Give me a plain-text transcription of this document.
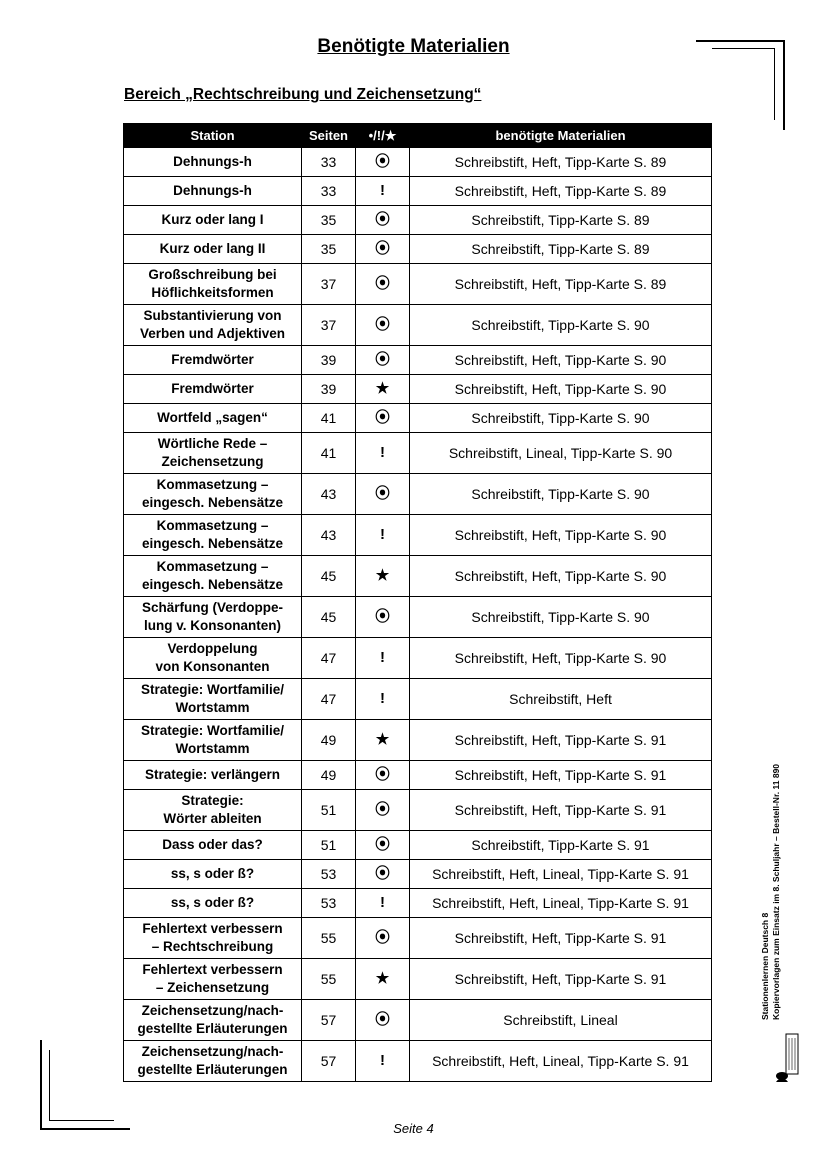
Benötigte Materialien
Bereich „Rechtschreibung und Zeichensetzung“
Station	Seiten	•/!/★	benötigte Materialien
Dehnungs-h	33	⦿	Schreibstift, Heft, Tipp-Karte S. 89
Dehnungs-h	33	!	Schreibstift, Heft, Tipp-Karte S. 89
Kurz oder lang I	35	⦿	Schreibstift, Tipp-Karte S. 89
Kurz oder lang II	35	⦿	Schreibstift, Tipp-Karte S. 89
Großschreibung bei
Höflichkeitsformen	37	⦿	Schreibstift, Heft, Tipp-Karte S. 89
Substantivierung von
Verben und Adjektiven	37	⦿	Schreibstift, Tipp-Karte S. 90
Fremdwörter	39	⦿	Schreibstift, Heft, Tipp-Karte S. 90
Fremdwörter	39	★	Schreibstift, Heft, Tipp-Karte S. 90
Wortfeld „sagen“	41	⦿	Schreibstift, Tipp-Karte S. 90
Wörtliche Rede –
Zeichensetzung	41	!	Schreibstift, Lineal, Tipp-Karte S. 90
Kommasetzung –
eingesch. Nebensätze	43	⦿	Schreibstift, Tipp-Karte S. 90
Kommasetzung –
eingesch. Nebensätze	43	!	Schreibstift, Heft, Tipp-Karte S. 90
Kommasetzung –
eingesch. Nebensätze	45	★	Schreibstift, Heft, Tipp-Karte S. 90
Schärfung (Verdoppe-
lung v. Konsonanten)	45	⦿	Schreibstift, Tipp-Karte S. 90
Verdoppelung
von Konsonanten	47	!	Schreibstift, Heft, Tipp-Karte S. 90
Strategie: Wortfamilie/
Wortstamm	47	!	Schreibstift, Heft
Strategie: Wortfamilie/
Wortstamm	49	★	Schreibstift, Heft, Tipp-Karte S. 91
Strategie: verlängern	49	⦿	Schreibstift, Heft, Tipp-Karte S. 91
Strategie:
Wörter ableiten	51	⦿	Schreibstift, Heft, Tipp-Karte S. 91
Dass oder das?	51	⦿	Schreibstift, Tipp-Karte S. 91
ss, s oder ß?	53	⦿	Schreibstift, Heft, Lineal, Tipp-Karte S. 91
ss, s oder ß?	53	!	Schreibstift, Heft, Lineal, Tipp-Karte S. 91
Fehlertext verbessern
– Rechtschreibung	55	⦿	Schreibstift, Heft, Tipp-Karte S. 91
Fehlertext verbessern
– Zeichensetzung	55	★	Schreibstift, Heft, Tipp-Karte S. 91
Zeichensetzung/nach-
gestellte Erläuterungen	57	⦿	Schreibstift, Lineal
Zeichensetzung/nach-
gestellte Erläuterungen	57	!	Schreibstift, Heft, Lineal, Tipp-Karte S. 91
Seite 4
Stationenlernen Deutsch 8 Kopiervorlagen zum Einsatz im 8. Schuljahr – Bestell-Nr. 11 890
